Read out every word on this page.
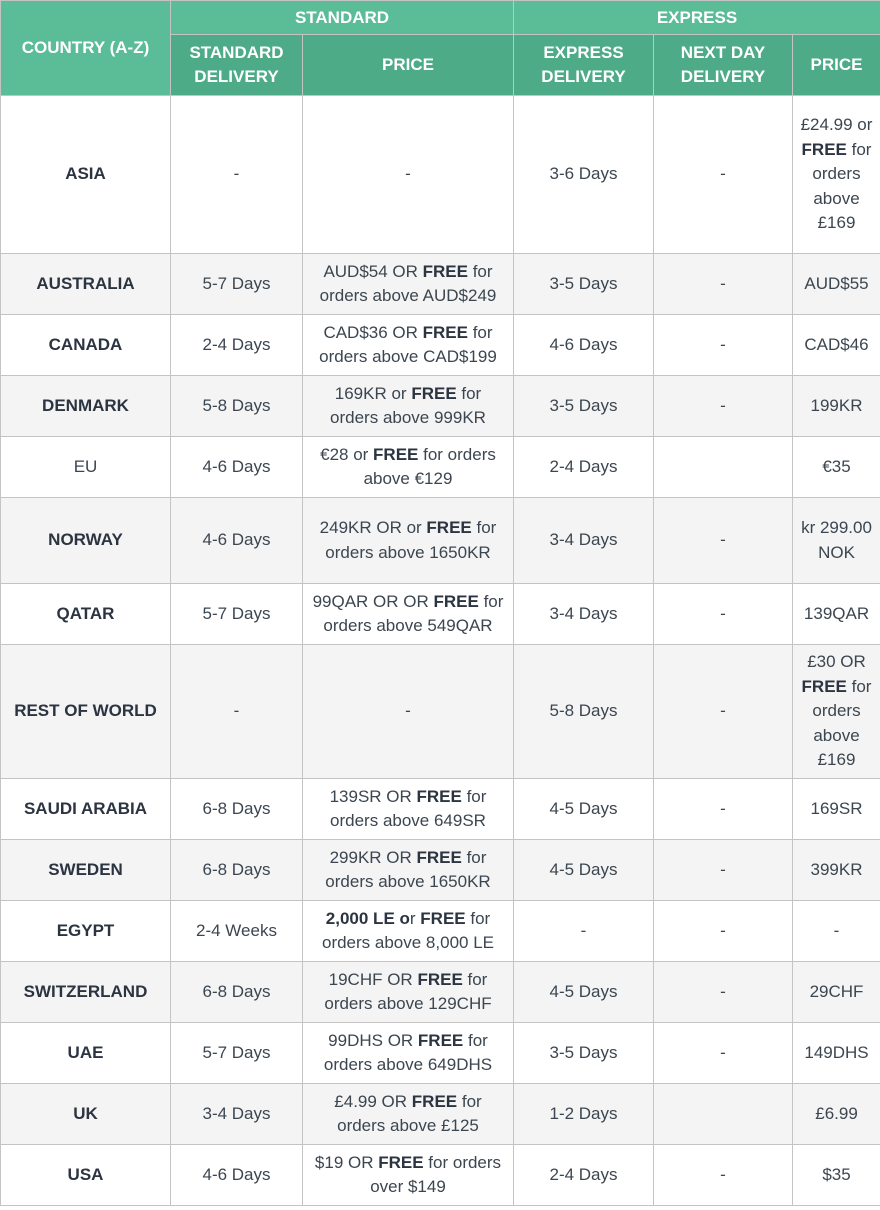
COUNTRY (A-Z)	STANDARD		EXPRESS		
	STANDARD DELIVERY	PRICE	EXPRESS DELIVERY	NEXT DAY DELIVERY	PRICE
ASIA	-	-	3-6 Days	-	£24.99 or FREE for orders above £169
AUSTRALIA	5-7 Days	AUD$54 OR FREE for orders above AUD$249	3-5 Days	-	AUD$55
CANADA	2-4 Days	CAD$36 OR FREE for orders above CAD$199	4-6 Days	-	CAD$46
DENMARK	5-8 Days	169KR or FREE for orders above 999KR	3-5 Days	-	199KR
EU	4-6 Days	€28 or FREE for orders above €129	2-4 Days		€35
NORWAY	4-6 Days	249KR OR or FREE for orders above 1650KR	3-4 Days	-	kr 299.00 NOK
QATAR	5-7 Days	99QAR OR OR FREE for orders above 549QAR	3-4 Days	-	139QAR
REST OF WORLD	-	-	5-8 Days	-	£30 OR FREE for orders above £169
SAUDI ARABIA	6-8 Days	139SR OR FREE for orders above 649SR	4-5 Days	-	169SR
SWEDEN	6-8 Days	299KR OR FREE for orders above 1650KR	4-5 Days	-	399KR
EGYPT	2-4 Weeks	2,000 LE or FREE for orders above 8,000 LE	-	-	-
SWITZERLAND	6-8 Days	19CHF OR FREE for orders above 129CHF	4-5 Days	-	29CHF
UAE	5-7 Days	99DHS OR FREE for orders above 649DHS	3-5 Days	-	149DHS
UK	3-4 Days	£4.99 OR FREE for orders above £125	1-2 Days		£6.99
USA	4-6 Days	$19 OR FREE for orders over $149	2-4 Days	-	$35
